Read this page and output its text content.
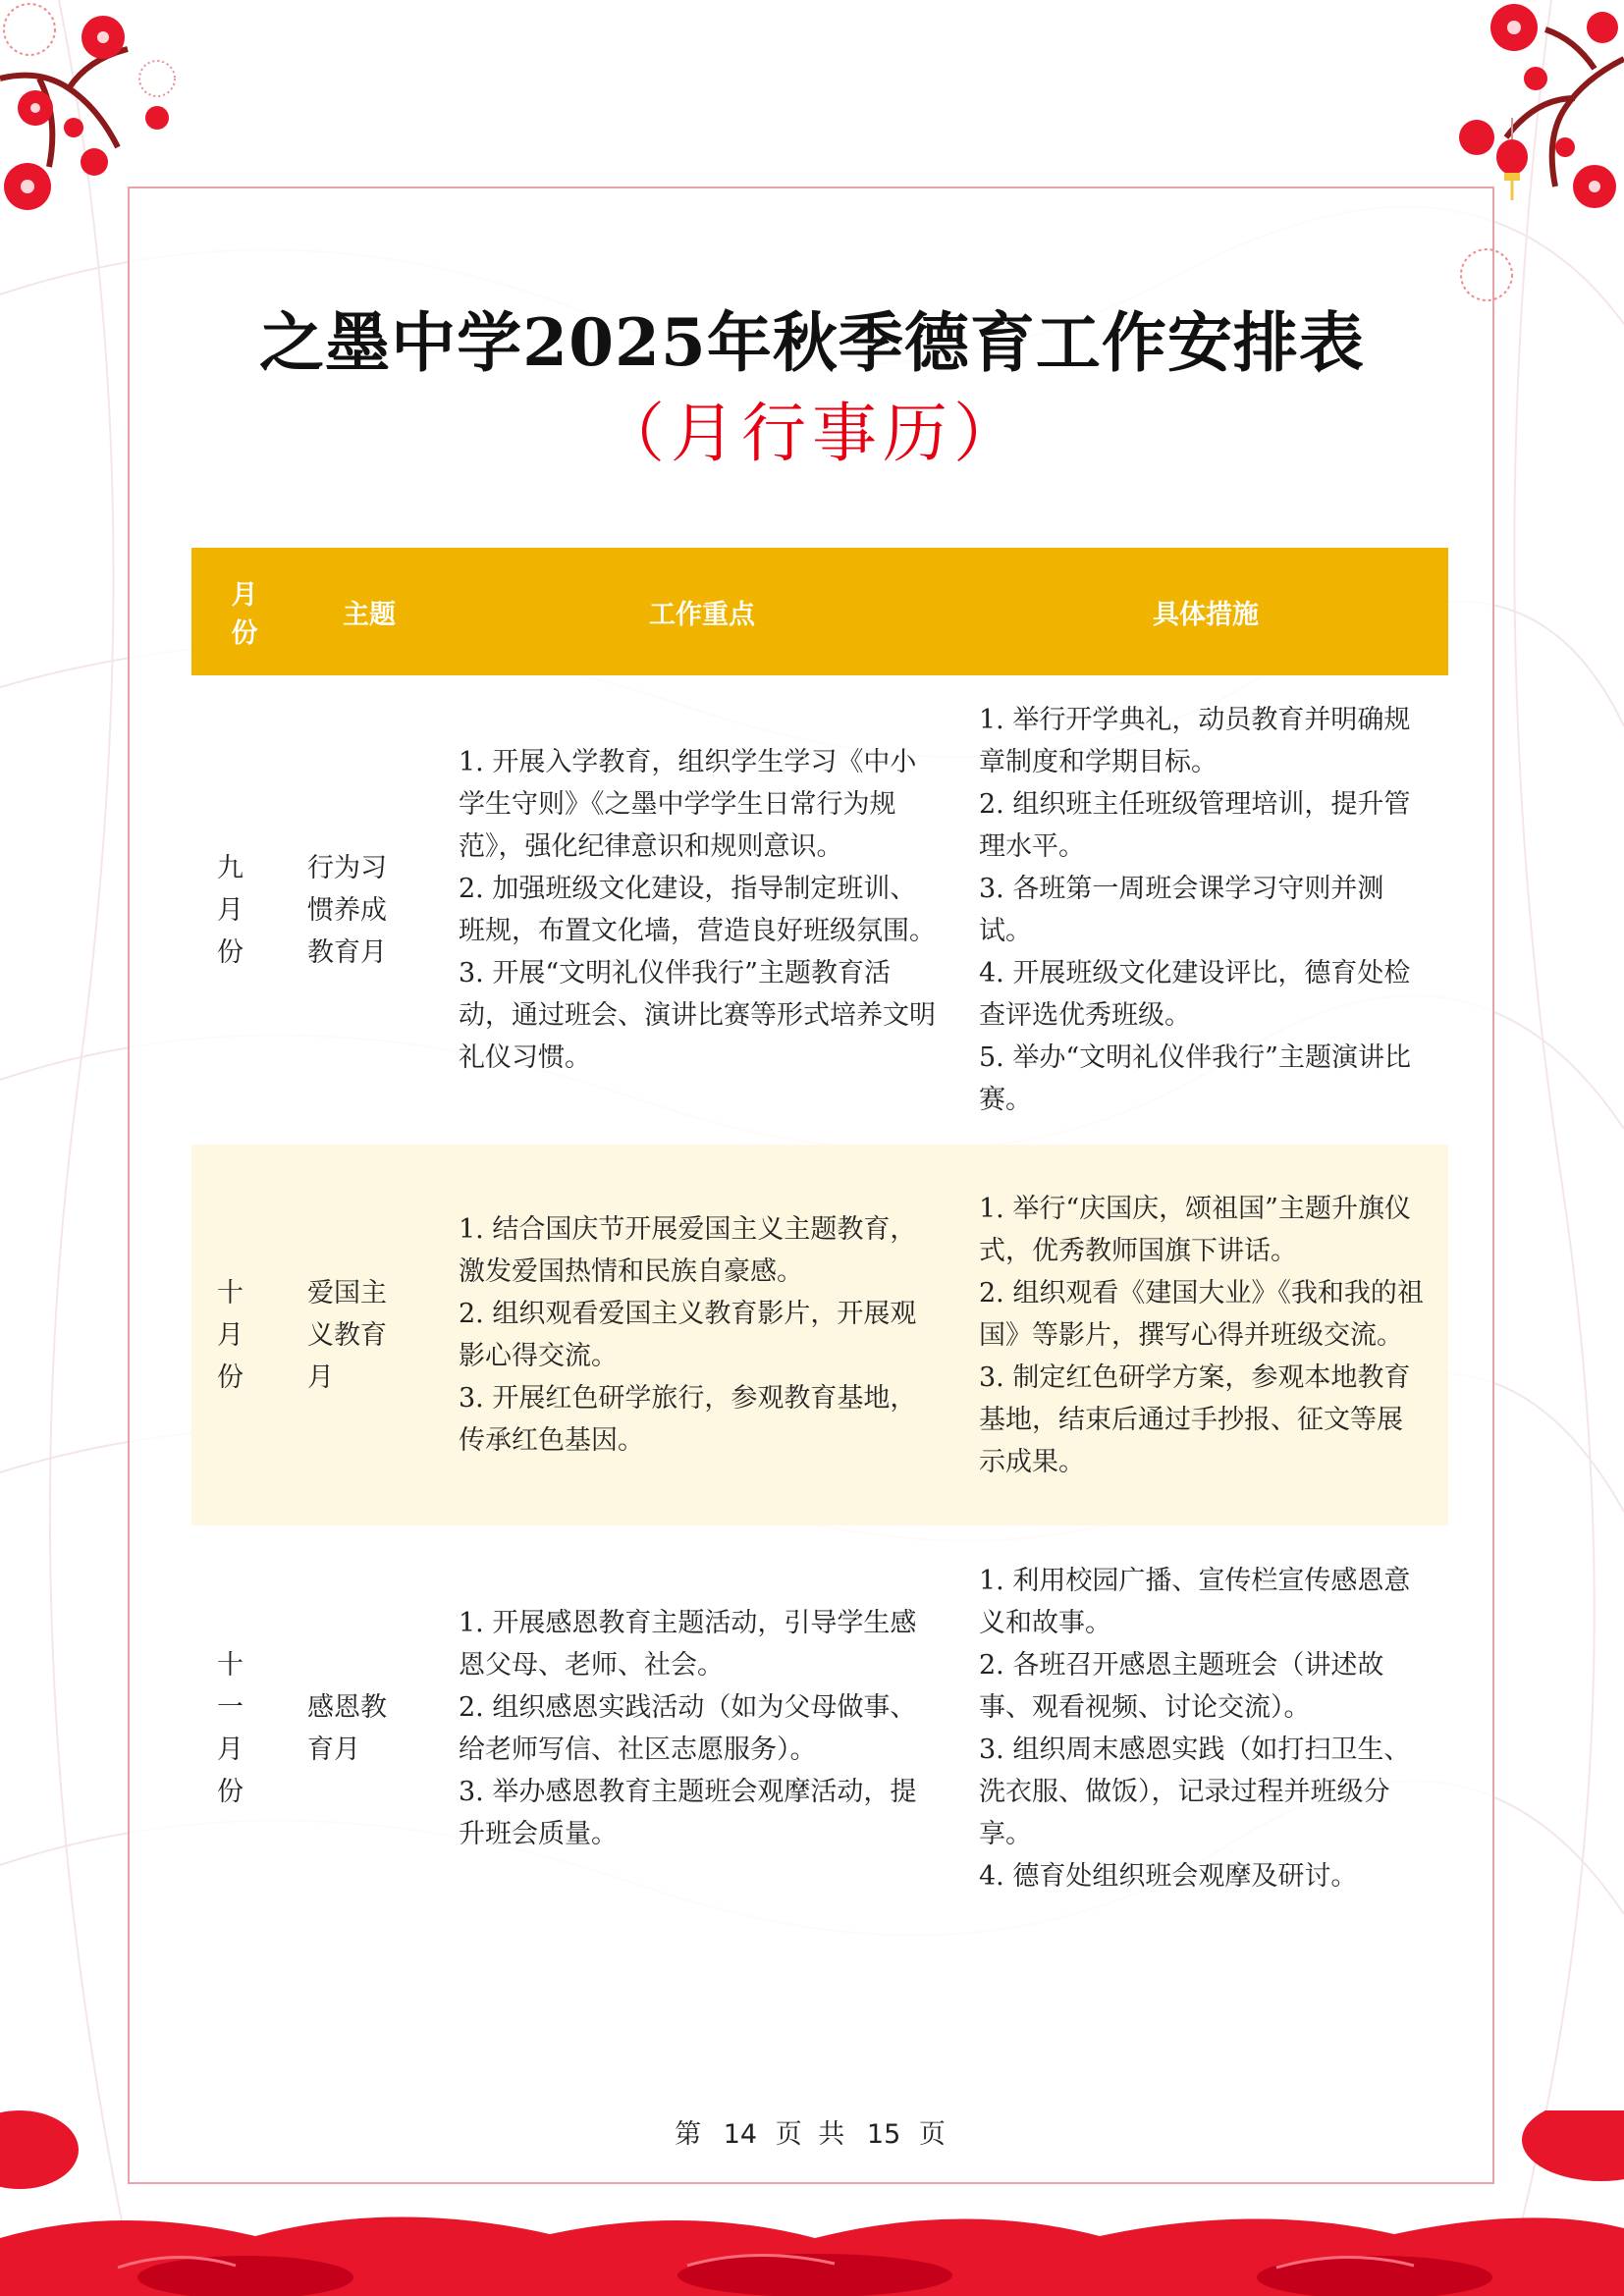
之墨中学2025年秋季德育工作安排表
（月行事历）
月
份	主题	工作重点	具体措施

九
月
份	行为习
惯养成
教育月	1. 开展入学教育，组织学生学习《中小学生守则》《之墨中学学生日常行为规范》，强化纪律意识和规则意识。
2. 加强班级文化建设，指导制定班训、班规，布置文化墙，营造良好班级氛围。
3. 开展“文明礼仪伴我行”主题教育活动，通过班会、演讲比赛等形式培养文明礼仪习惯。	1. 举行开学典礼，动员教育并明确规章制度和学期目标。
2. 组织班主任班级管理培训，提升管理水平。
3. 各班第一周班会课学习守则并测试。
4. 开展班级文化建设评比，德育处检查评选优秀班级。
5. 举办“文明礼仪伴我行”主题演讲比赛。

十
月
份	爱国主
义教育
月	1. 结合国庆节开展爱国主义主题教育，激发爱国热情和民族自豪感。
2. 组织观看爱国主义教育影片，开展观影心得交流。
3. 开展红色研学旅行，参观教育基地，传承红色基因。	1. 举行“庆国庆，颂祖国”主题升旗仪式，优秀教师国旗下讲话。
2. 组织观看《建国大业》《我和我的祖国》等影片，撰写心得并班级交流。
3. 制定红色研学方案，参观本地教育基地，结束后通过手抄报、征文等展示成果。

十
一
月
份	感恩教
育月	1. 开展感恩教育主题活动，引导学生感恩父母、老师、社会。
2. 组织感恩实践活动（如为父母做事、给老师写信、社区志愿服务）。
3. 举办感恩教育主题班会观摩活动，提升班会质量。	1. 利用校园广播、宣传栏宣传感恩意义和故事。
2. 各班召开感恩主题班会（讲述故事、观看视频、讨论交流）。
3. 组织周末感恩实践（如打扫卫生、洗衣服、做饭），记录过程并班级分享。
4. 德育处组织班会观摩及研讨。
第 14 页 共 15 页
